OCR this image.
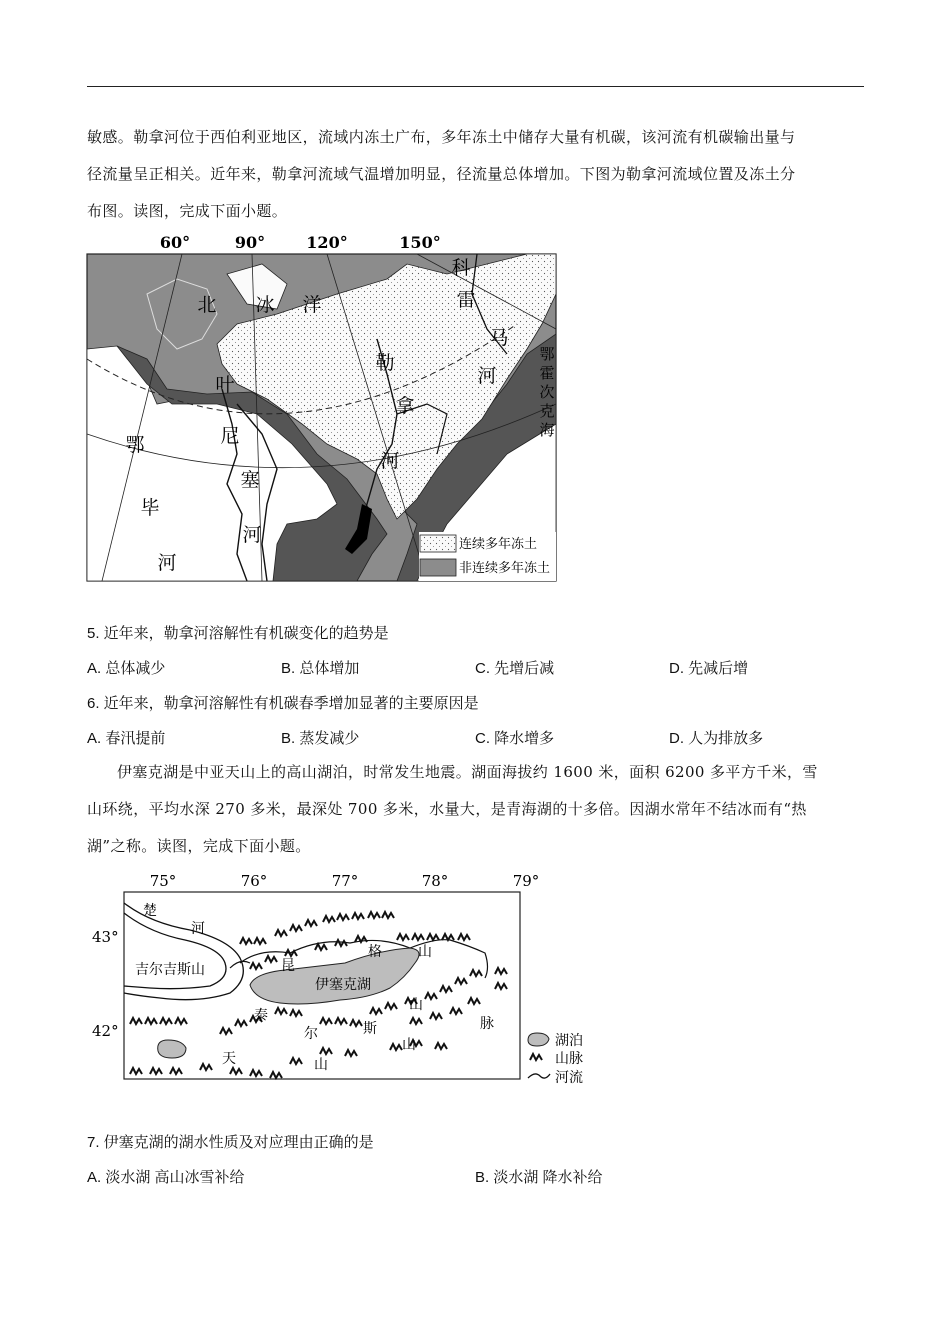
敏感。勒拿河位于西伯利亚地区，流域内冻土广布，多年冻土中储存大量有机碳，该河流有机碳输出量与

径流量呈正相关。近年来，勒拿河流域气温增加明显，径流量总体增加。下图为勒拿河流域位置及冻土分

布图。读图，完成下面小题。

60°	90°	120°	150°
北 冰 洋
科
雷
马
河
勒
拿
河
叶
尼
塞
河
鄂
毕
河
鄂
霍
次
克
海
连续多年冻土
非连续多年冻土
5. 近年来，勒拿河溶解性有机碳变化的趋势是
A. 总体减少	B. 总体增加	C. 先增后减	D. 先减后增
6. 近年来，勒拿河溶解性有机碳春季增加显著的主要原因是
A. 春汛提前	B. 蒸发减少	C. 降水增多	D. 人为排放多

伊塞克湖是中亚天山上的高山湖泊，时常发生地震。湖面海拔约 1600 米，面积 6200 多平方千米，雪

山环绕，平均水深 270 多米，最深处 700 多米，水量大，是青海湖的十多倍。因湖水常年不结冰而有“热

湖”之称。读图，完成下面小题。

75°	76°	77°	78°	79°
43°
42°
楚
河
吉尔吉斯山	昆
格	山
伊塞克湖
泰
尔	斯
山
山
脉
天	山
湖泊
山脉
河流
7. 伊塞克湖的湖水性质及对应理由正确的是
A. 淡水湖 高山冰雪补给	B. 淡水湖 降水补给
